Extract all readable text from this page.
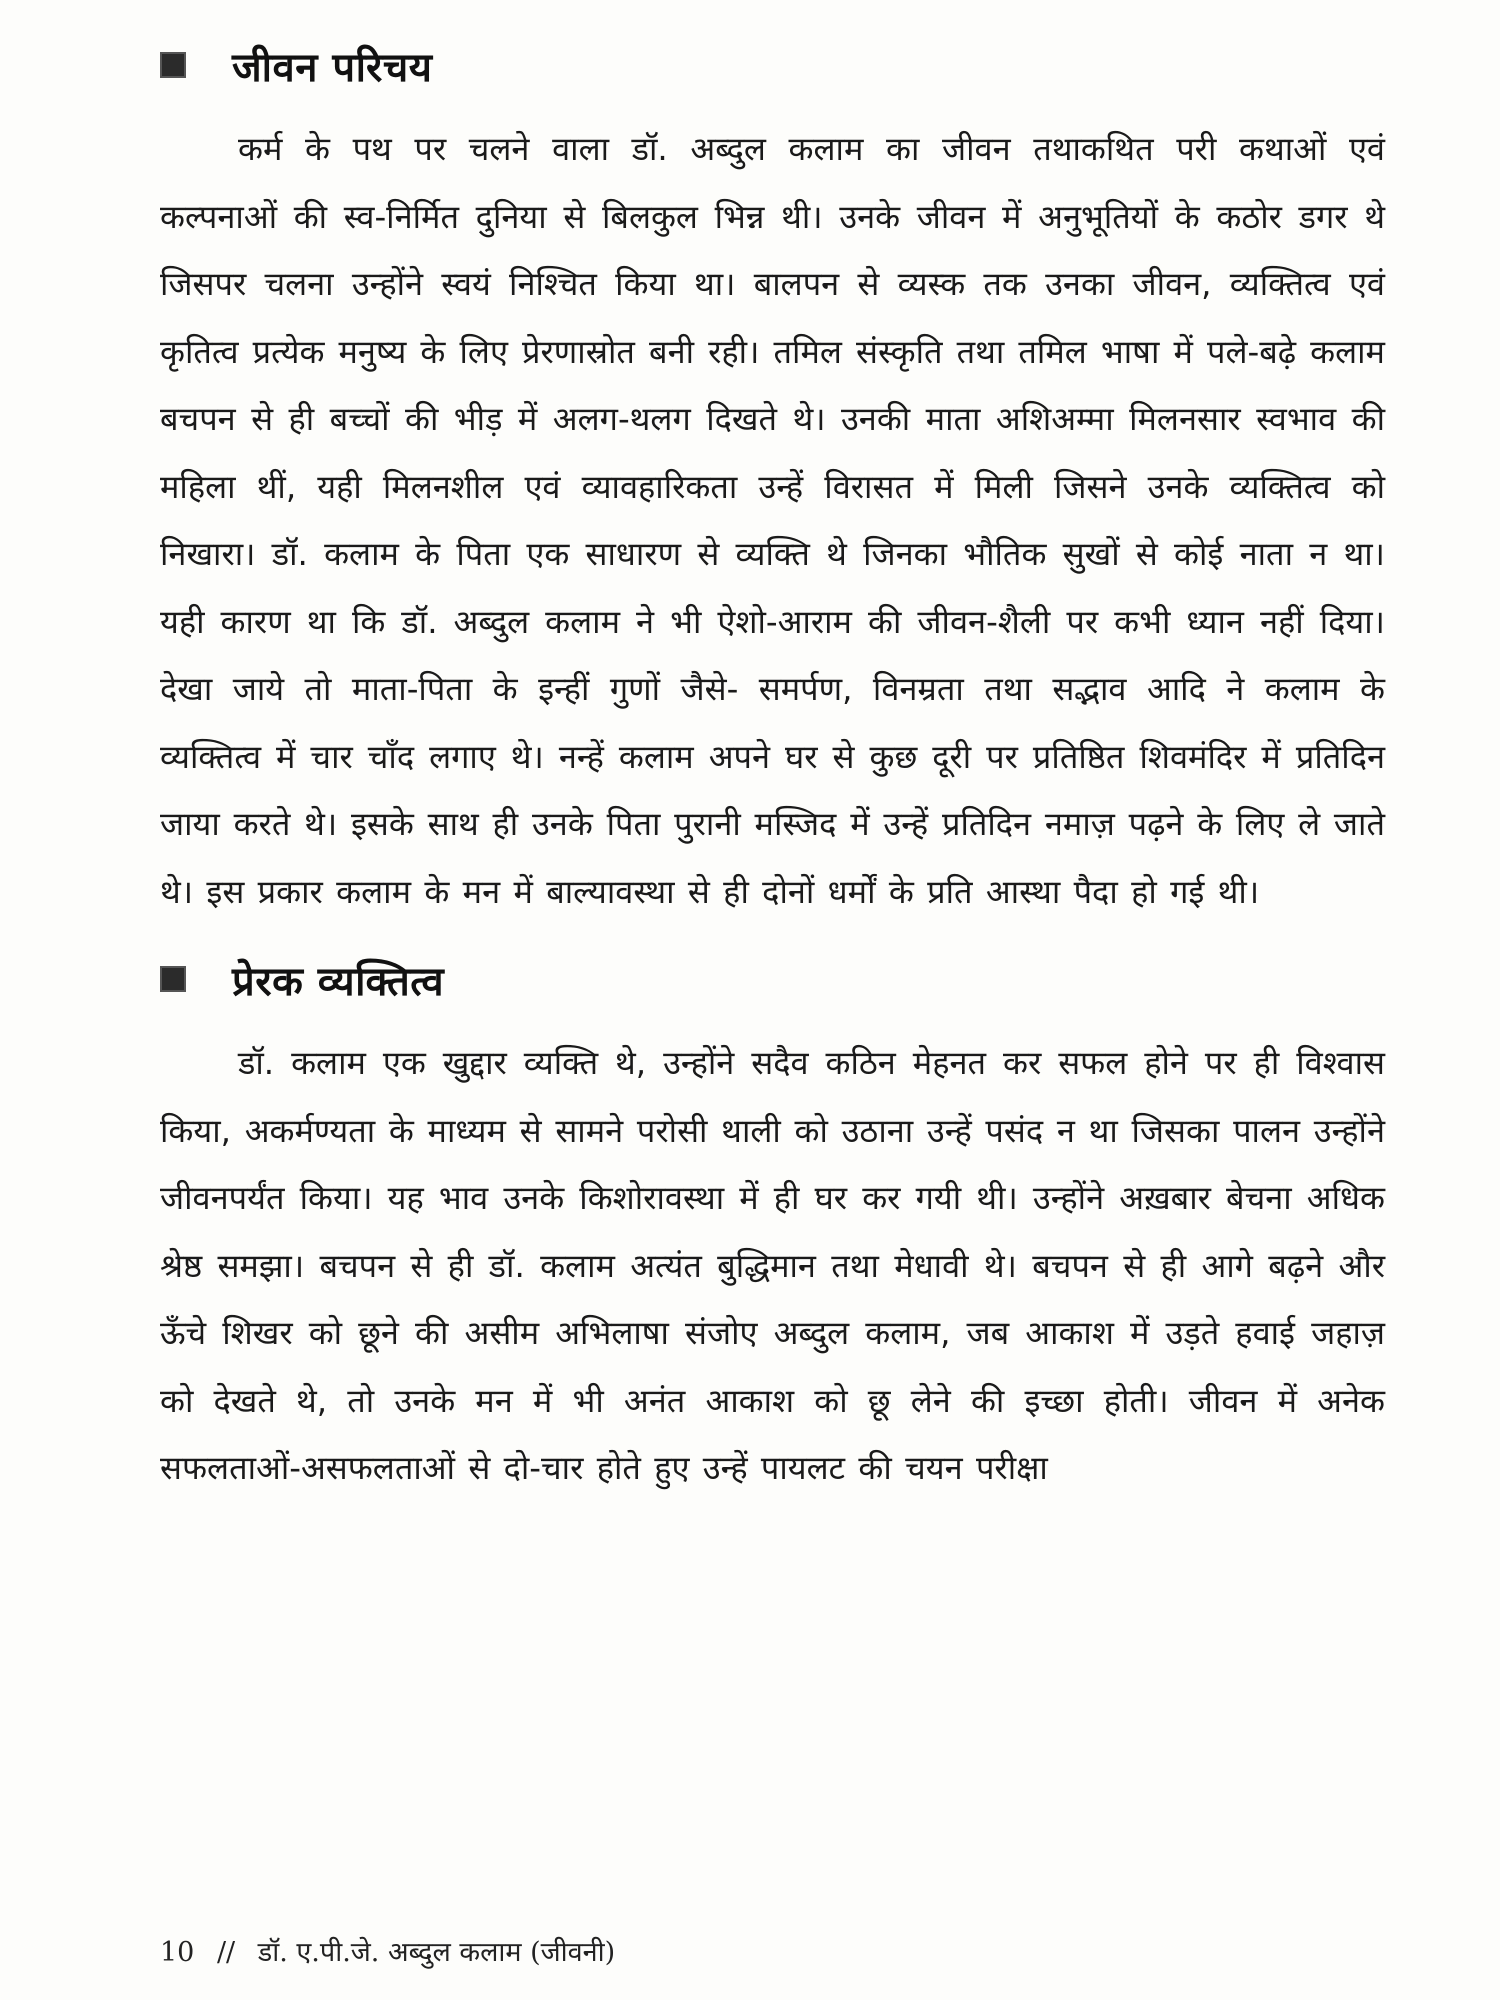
जीवन परिचय

कर्म के पथ पर चलने वाला डॉ. अब्दुल कलाम का जीवन तथाकथित परी कथाओं एवं कल्पनाओं की स्व-निर्मित दुनिया से बिलकुल भिन्न थी। उनके जीवन में अनुभूतियों के कठोर डगर थे जिसपर चलना उन्होंने स्वयं निश्चित किया था। बालपन से व्यस्क तक उनका जीवन, व्यक्तित्व एवं कृतित्व प्रत्येक मनुष्य के लिए प्रेरणास्रोत बनी रही। तमिल संस्कृति तथा तमिल भाषा में पले-बढ़े कलाम बचपन से ही बच्चों की भीड़ में अलग-थलग दिखते थे। उनकी माता अशिअम्मा मिलनसार स्वभाव की महिला थीं, यही मिलनशील एवं व्यावहारिकता उन्हें विरासत में मिली जिसने उनके व्यक्तित्व को निखारा। डॉ. कलाम के पिता एक साधारण से व्यक्ति थे जिनका भौतिक सुखों से कोई नाता न था। यही कारण था कि डॉ. अब्दुल कलाम ने भी ऐशो-आराम की जीवन-शैली पर कभी ध्यान नहीं दिया। देखा जाये तो माता-पिता के इन्हीं गुणों जैसे- समर्पण, विनम्रता तथा सद्भाव आदि ने कलाम के व्यक्तित्व में चार चाँद लगाए थे। नन्हें कलाम अपने घर से कुछ दूरी पर प्रतिष्ठित शिवमंदिर में प्रतिदिन जाया करते थे। इसके साथ ही उनके पिता पुरानी मस्जिद में उन्हें प्रतिदिन नमाज़ पढ़ने के लिए ले जाते थे। इस प्रकार कलाम के मन में बाल्यावस्था से ही दोनों धर्मों के प्रति आस्था पैदा हो गई थी।

प्रेरक व्यक्तित्व

डॉ. कलाम एक खुद्दार व्यक्ति थे, उन्होंने सदैव कठिन मेहनत कर सफल होने पर ही विश्वास किया, अकर्मण्यता के माध्यम से सामने परोसी थाली को उठाना उन्हें पसंद न था जिसका पालन उन्होंने जीवनपर्यंत किया। यह भाव उनके किशोरावस्था में ही घर कर गयी थी। उन्होंने अख़बार बेचना अधिक श्रेष्ठ समझा। बचपन से ही डॉ. कलाम अत्यंत बुद्धिमान तथा मेधावी थे। बचपन से ही आगे बढ़ने और ऊँचे शिखर को छूने की असीम अभिलाषा संजोए अब्दुल कलाम, जब आकाश में उड़ते हवाई जहाज़ को देखते थे, तो उनके मन में भी अनंत आकाश को छू लेने की इच्छा होती। जीवन में अनेक सफलताओं-असफलताओं से दो-चार होते हुए उन्हें पायलट की चयन परीक्षा

10 // डॉ. ए.पी.जे. अब्दुल कलाम (जीवनी)
